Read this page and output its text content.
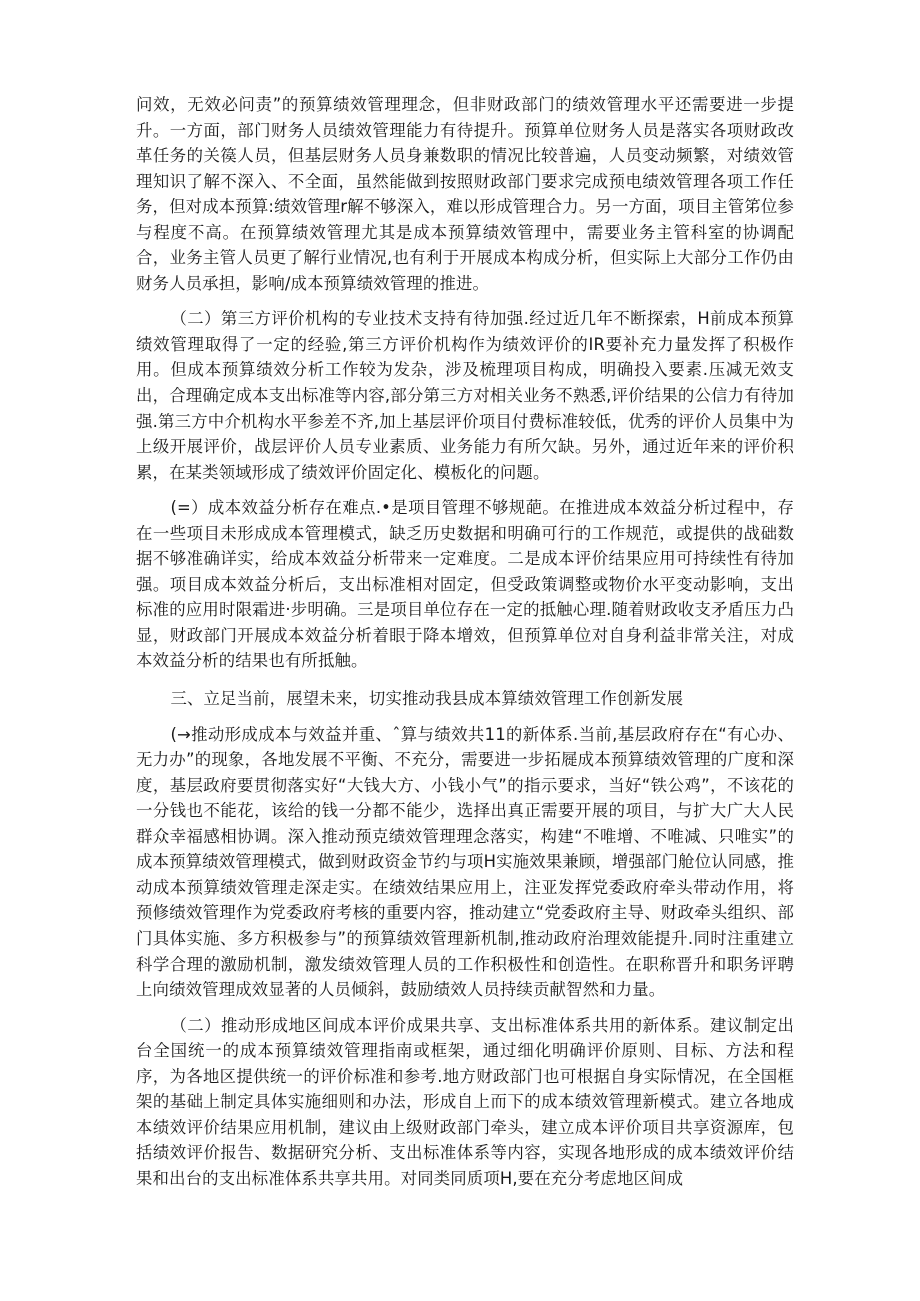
问效，无效必问责”的预算绩效管理理念，但非财政部门的绩效管理水平还需要进一步提升。一方面，部门财务人员绩效管理能力有待提升。预算单位财务人员是落实各项财政改革任务的关篌人员，但基层财务人员身兼数职的情况比较普遍，人员变动频繁，对绩效管理知识了解不深入、不全面，虽然能做到按照财政部门要求完成预电绩效管理各项工作任务，但对成本预算:绩效管理r解不够深入，难以形成管理合力。另一方面，项目主管笫位参与程度不高。在预算绩效管理尤其是成本预算绩效管理中，需要业务主管科室的协调配合，业务主管人员更了解行业情况,也有利于开展成本构成分析，但实际上大部分工作仍由财务人员承担，影响/成本预算绩效管理的推进。

（二）第三方评价机构的专业技术支持有待加强.经过近几年不断探索，H前成本预算绩效管理取得了一定的经验,第三方评价机构作为绩效评价的IR要补充力量发挥了积极作用。但成本预算绩效分析工作较为发杂，涉及梳理项目构成，明确投入要素.压减无效支出，合理确定成本支出标准等内容,部分第三方对相关业务不熟悉,评价结果的公信力有待加强.第三方中介机构水平参差不齐,加上基层评价项目付费标准较低，优秀的评价人员集中为上级开展评价，战层评价人员专业素质、业务能力有所欠缺。另外，通过近年来的评价积累，在某类领域形成了绩效评价固定化、模板化的问题。

(=）成本效益分析存在难点.•是项目管理不够规葩。在推进成本效益分析过程中，存在一些项目未形成成本管理模式，缺乏历史数据和明确可行的工作规范，或提供的战础数据不够准确详实，给成本效益分析带来一定难度。二是成本评价结果应用可持续性有待加强。项目成本效益分析后，支出标准相对固定，但受政策调整或物价水平变动影响，支出标准的应用时限霜进·步明确。三是项目单位存在一定的抵触心理.随着财政收支矛盾压力凸显，财政部门开展成本效益分析着眼于降本增效，但预算单位对自身利益非常关注，对成本效益分析的结果也有所抵触。

三、立足当前，展望未来，切实推动我县成本算绩效管理工作创新发展

(→推动形成成本与效益并重、ˆ算与绩效共11的新体系.当前,基层政府存在“有心办、无力办”的现象，各地发展不平衡、不充分，需要进一步拓屣成本预算绩效管理的广度和深度，基层政府要贯彻落实好“大钱大方、小钱小气”的指示要求，当好“铁公鸡”，不该花的一分钱也不能花，该给的钱一分都不能少，选择出真正需要开展的项目，与扩大广大人民群众幸福感相协调。深入推动预克绩效管理理念落实，构建“不唯增、不唯减、只唯实”的成本预算绩效管理模式，做到财政资金节约与项H实施效果兼顾，增强部门舱位认同感，推动成本预算绩效管理走深走实。在绩效结果应用上，注亚发挥党委政府牵头带动作用，将预修绩效管理作为党委政府考核的重要内容，推动建立“党委政府主导、财政牵头组织、部门具体实施、多方积极参与”的预算绩效管理新机制,推动政府治理效能提升.同时注重建立科学合理的激励机制，激发绩效管理人员的工作积极性和创造性。在职称晋升和职务评聘上向绩效管理成效显著的人员倾斜，鼓励绩效人员持续贡献智然和力量。

（二）推动形成地区间成本评价成果共享、支出标准体系共用的新体系。建议制定出台全国统一的成本预算绩效管理指南或框架，通过细化明确评价原则、目标、方法和程序，为各地区提供统一的评价标准和参考.地方财政部门也可根据自身实际情况，在全国框架的基础上制定具体实施细则和办法，形成自上而下的成本绩效管理新模式。建立各地成本绩效评价结果应用机制，建议由上级财政部门牵头，建立成本评价项目共享资源库，包括绩效评价报告、数据研究分析、支出标准体系等内容，实现各地形成的成本绩效评价结果和出台的支出标准体系共享共用。对同类同质项H,要在充分考虑地区间成
